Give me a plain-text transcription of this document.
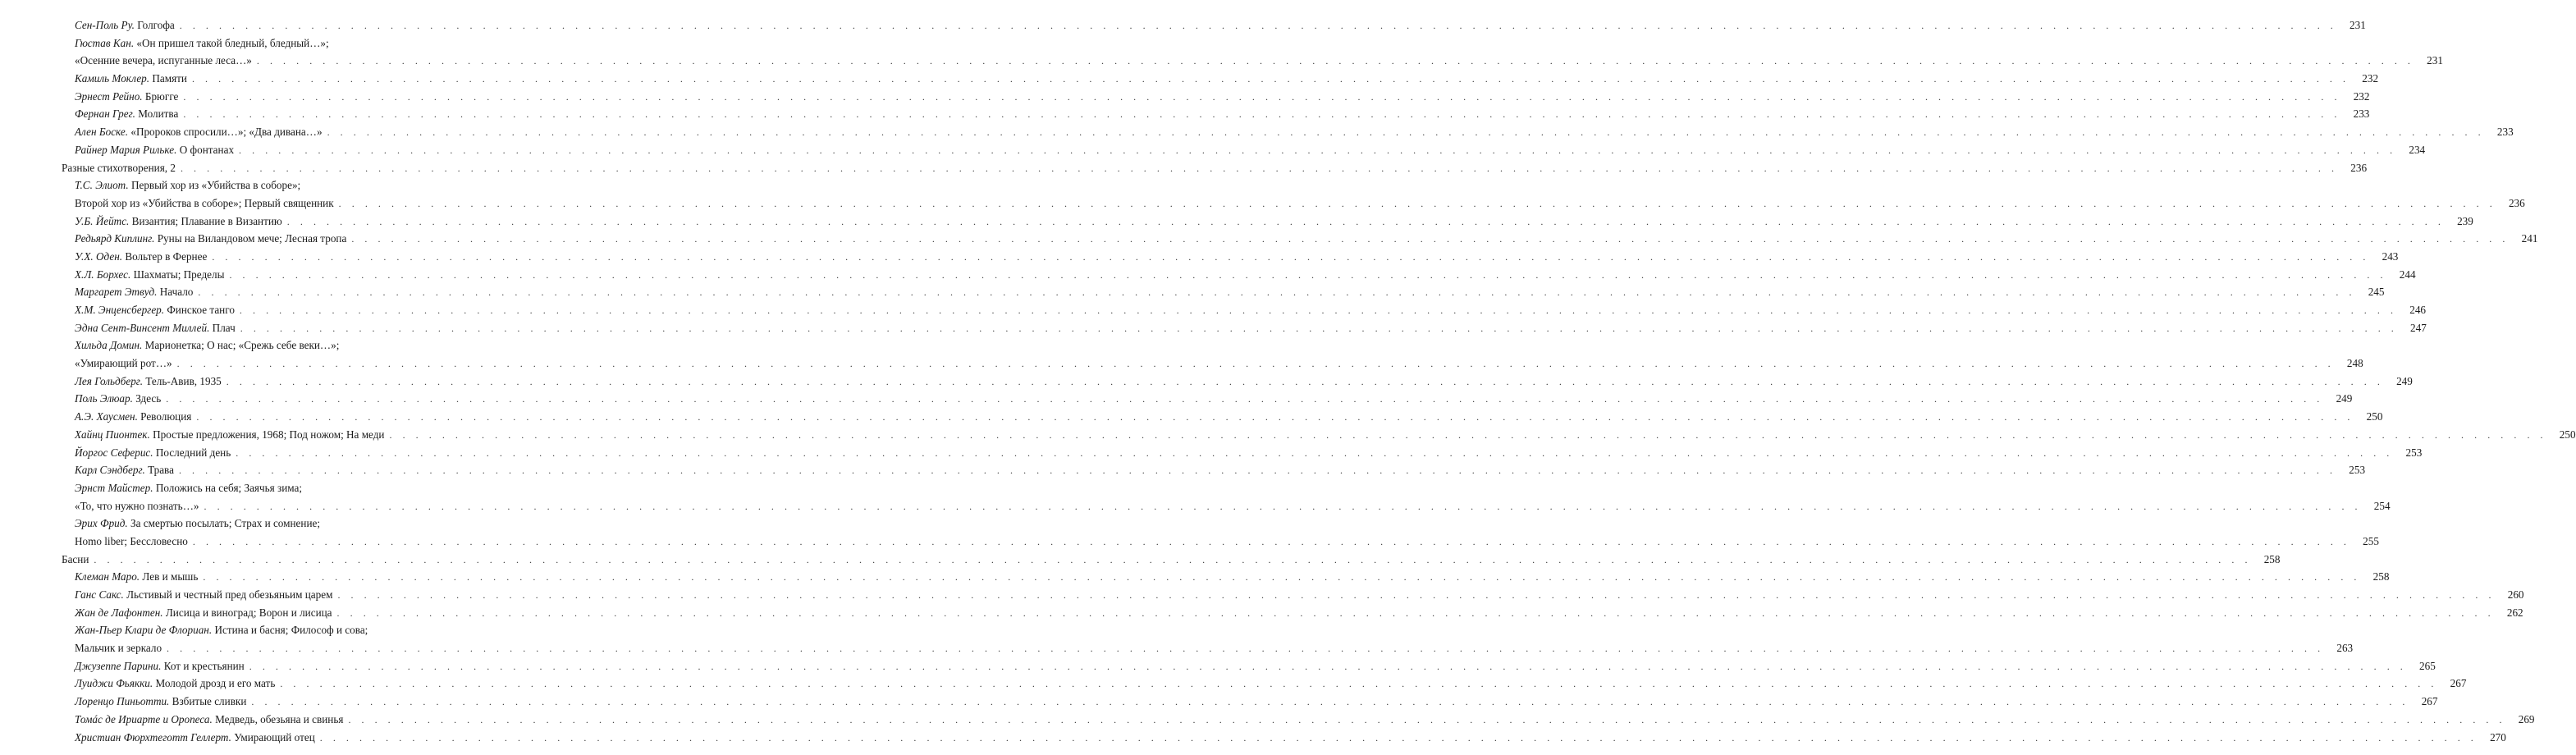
Сен-Поль Ру. Голгофа . . .	231
Гюстав Кан. «Он пришел такой бледный, бледный…»;
«Осенние вечера, испуганные леса…» . . .	231
Камиль Моклер. Памяти . . .	232
Эрнест Рейно. Брюгге . . .	232
Фернан Грег. Молитва . . .	233
Ален Боске. «Пророков спросили…»; «Два дивана…» . . .	233
Райнер Мария Рильке. О фонтанах . . .	234
Разные стихотворения, 2 . . .	236
Т.С. Элиот. Первый хор из «Убийства в соборе»;
Второй хор из «Убийства в соборе»; Первый священник . . .	236
У.Б. Йейтс. Византия; Плавание в Византию . . .	239
Редьярд Киплинг. Руны на Виландовом мече; Лесная тропа . . .	241
У.Х. Оден. Вольтер в Фернее . . .	243
Х.Л. Борхес. Шахматы; Пределы . . .	244
Маргарет Этвуд. Начало . . .	245
Х.М. Энценсбергер. Финское танго . . .	246
Эдна Сент-Винсент Миллей. Плач . . .	247
Хильда Домин. Марионетка; О нас; «Срежь себе веки…»;
«Умирающий рот…» . . .	248
Лея Гольдберг. Тель-Авив, 1935 . . .	249
Поль Элюар. Здесь . . .	249
А.Э. Хаусмен. Революция . . .	250
Хайнц Пионтек. Простые предложения, 1968; Под ножом; На меди . . .	250
Йоргос Сеферис. Последний день . . .	253
Карл Сэндберг. Трава . . .	253
Эрнст Майстер. Положись на себя; Заячья зима;
«То, что нужно познать…» . . .	254
Эрих Фрид. За смертью посылать; Страх и сомнение;
Homo liber; Бессловесно . . .	255
Басни . . .	258
Клеман Маро. Лев и мышь . . .	258
Ганс Сакс. Льстивый и честный пред обезьяньим царем . . .	260
Жан де Лафонтен. Лисица и виноград; Ворон и лисица . . .	262
Жан-Пьер Клари де Флориан. Истина и басня; Философ и сова;
Мальчик и зеркало . . .	263
Джузеппе Парини. Кот и крестьянин . . .	265
Луиджи Фьякки. Молодой дрозд и его мать . . .	267
Лоренцо Пиньотти. Взбитые сливки . . .	267
Томáс де Ириарте и Оропеса. Медведь, обезьяна и свинья . . .	269
Христиан Фюрхтеготт Геллерт. Умирающий отец . . .	270
